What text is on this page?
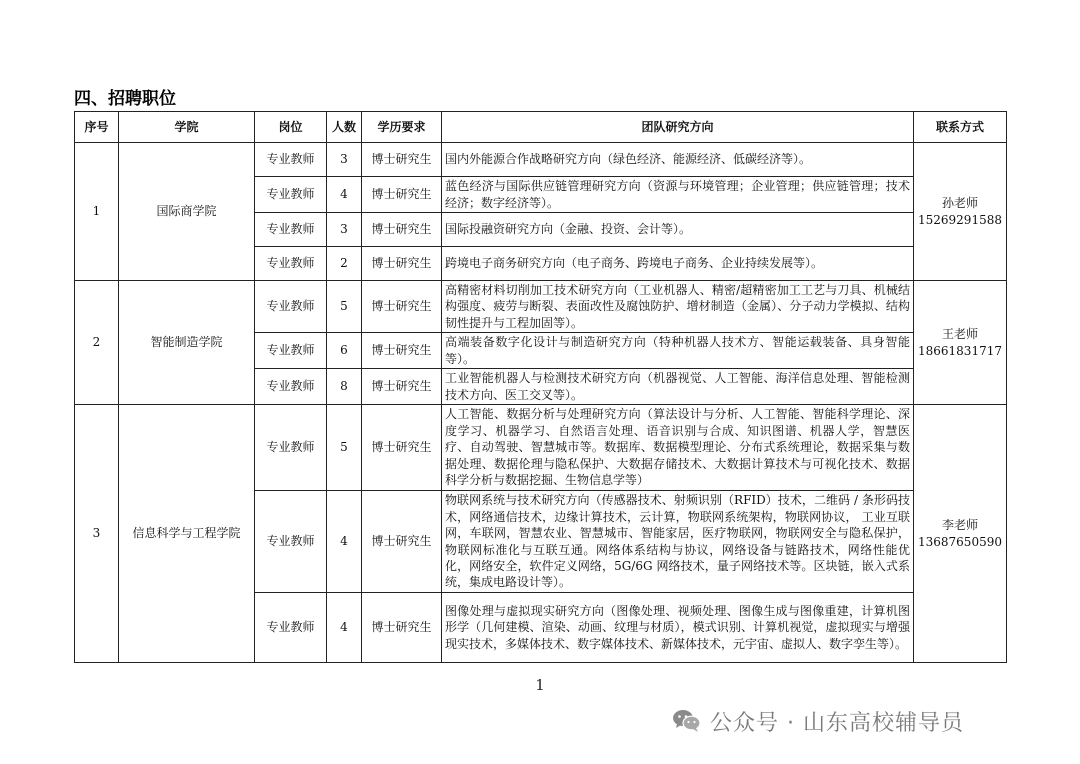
四、招聘职位
序号	学院	岗位	人数	学历要求	团队研究方向	联系方式
1	国际商学院	专业教师	3	博士研究生	国内外能源合作战略研究方向（绿色经济、能源经济、低碳经济等）。	孙老师
15269291588

		专业教师	4	博士研究生	蓝色经济与国际供应链管理研究方向（资源与环境管理；企业管理；供应链管理；技术经济；数字经济等）。	
		专业教师	3	博士研究生	国际投融资研究方向（金融、投资、会计等）。	
		专业教师	2	博士研究生	跨境电子商务研究方向（电子商务、跨境电子商务、企业持续发展等）。	
2	智能制造学院	专业教师	5	博士研究生	高精密材料切削加工技术研究方向（工业机器人、精密/超精密加工工艺与刀具、机械结构强度、疲劳与断裂、表面改性及腐蚀防护、增材制造（金属）、分子动力学模拟、结构韧性提升与工程加固等）。	王老师
18661831717

		专业教师	6	博士研究生	高端装备数字化设计与制造研究方向（特种机器人技术方、智能运载装备、具身智能等）。	
		专业教师	8	博士研究生	工业智能机器人与检测技术研究方向（机器视觉、人工智能、海洋信息处理、智能检测技术方向、医工交叉等）。	
3	信息科学与工程学院	专业教师	5	博士研究生	人工智能、数据分析与处理研究方向（算法设计与分析、人工智能、智能科学理论、深度学习、机器学习、自然语言处理、语音识别与合成、知识图谱、机器人学，智慧医疗、自动驾驶、智慧城市等。数据库、数据模型理论、分布式系统理论，数据采集与数据处理、数据伦理与隐私保护、大数据存储技术、大数据计算技术与可视化技术、数据科学分析与数据挖掘、生物信息学等）	李老师
13687650590

		专业教师	4	博士研究生	物联网系统与技术研究方向（传感器技术、射频识别（RFID）技术，二维码 / 条形码技术，网络通信技术，边缘计算技术，云计算，物联网系统架构，物联网协议， 工业互联网，车联网，智慧农业、智慧城市、智能家居，医疗物联网，物联网安全与隐私保护，物联网标准化与互联互通。网络体系结构与协议，网络设备与链路技术，网络性能优化，网络安全，软件定义网络，5G/6G 网络技术，量子网络技术等。区块链，嵌入式系统，集成电路设计等）。	
		专业教师	4	博士研究生	图像处理与虚拟现实研究方向（图像处理、视频处理、图像生成与图像重建，计算机图形学（几何建模、渲染、动画、纹理与材质），模式识别、计算机视觉，虚拟现实与增强现实技术，多媒体技术、数字媒体技术、新媒体技术，元宇宙、虚拟人、数字孪生等）。	
1
公众号 · 山东高校辅导员
